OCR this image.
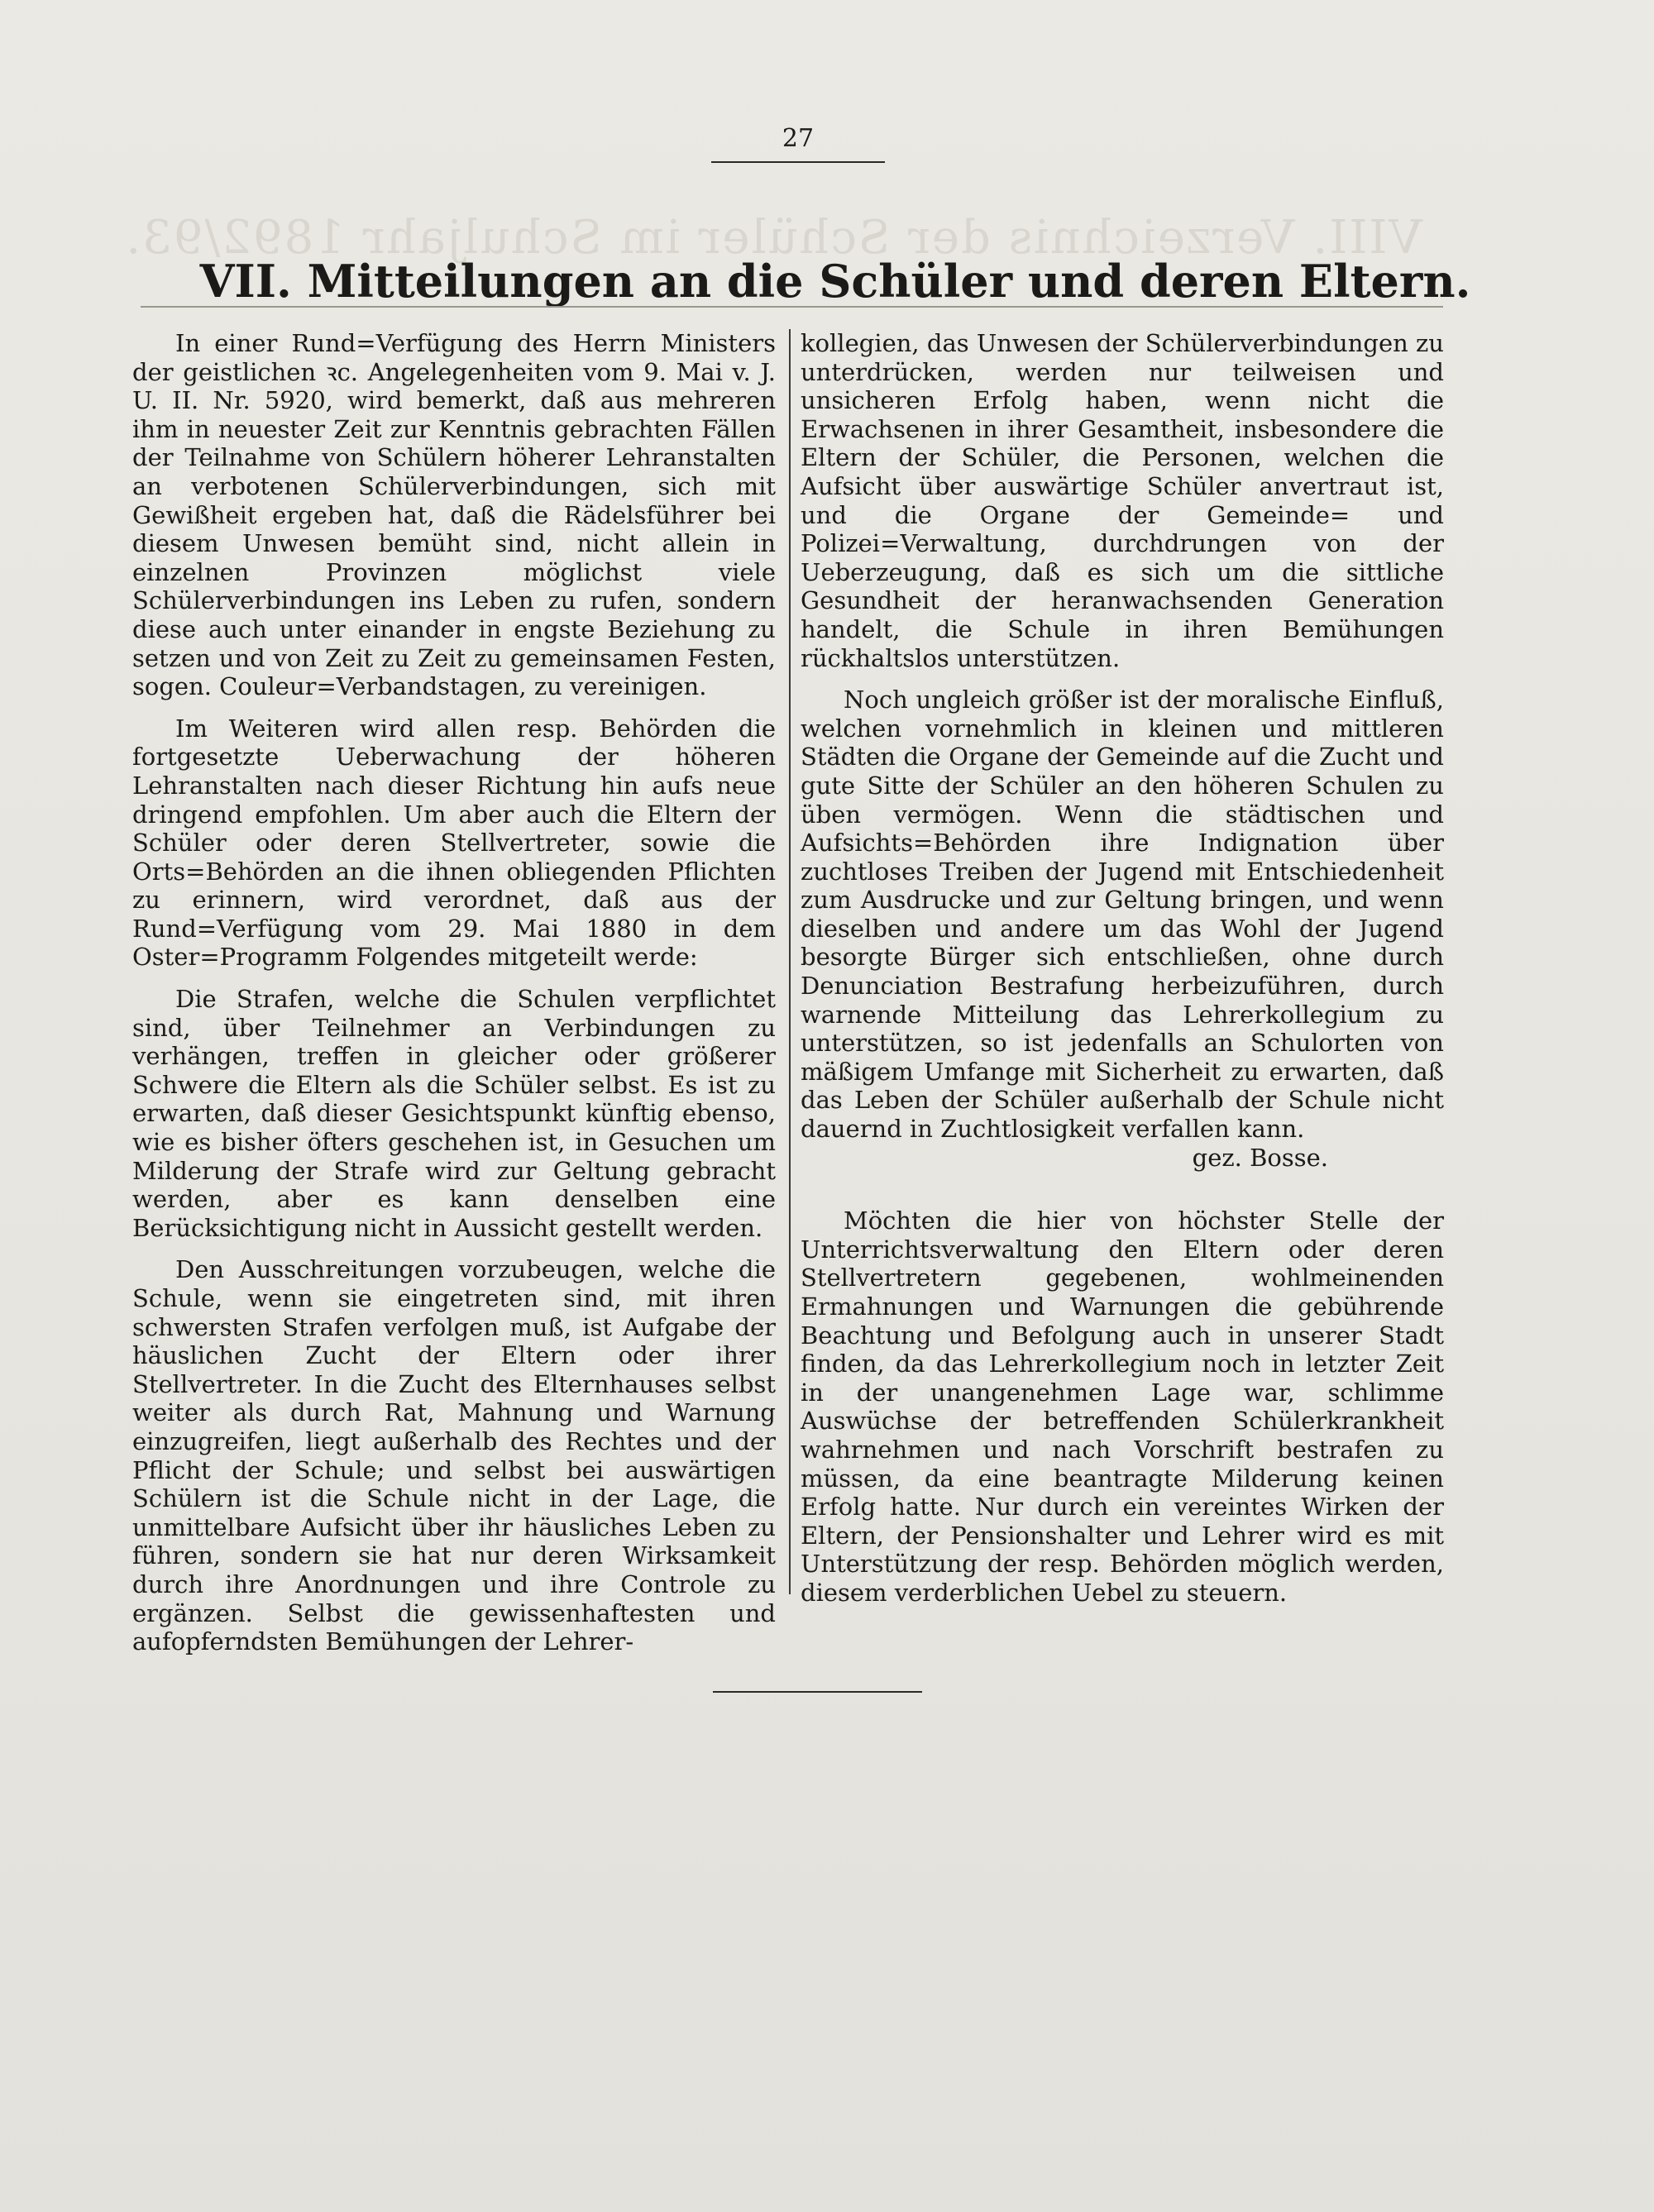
VIII. Verzeichnis der Schüler im Schuljahr 1892/93.
27
VII. Mitteilungen an die Schüler und deren Eltern.

In einer Rund=Verfügung des Herrn Ministers der geistlichen ꝛc. Angelegenheiten vom 9. Mai v. J. U. II. Nr. 5920, wird bemerkt, daß aus mehreren ihm in neuester Zeit zur Kenntnis gebrachten Fällen der Teilnahme von Schülern höherer Lehranstalten an verbotenen Schülerverbindungen, sich mit Gewißheit ergeben hat, daß die Rädelsführer bei diesem Unwesen bemüht sind, nicht allein in einzelnen Provinzen möglichst viele Schülerverbindungen ins Leben zu rufen, sondern diese auch unter einander in engste Beziehung zu setzen und von Zeit zu Zeit zu gemeinsamen Festen, sogen. Couleur=Verbandstagen, zu vereinigen.

Im Weiteren wird allen resp. Behörden die fortgesetzte Ueberwachung der höheren Lehranstalten nach dieser Richtung hin aufs neue dringend empfohlen. Um aber auch die Eltern der Schüler oder deren Stellvertreter, sowie die Orts=Behörden an die ihnen obliegenden Pflichten zu erinnern, wird verordnet, daß aus der Rund=Verfügung vom 29. Mai 1880 in dem Oster=Programm Folgendes mitgeteilt werde:

Die Strafen, welche die Schulen verpflichtet sind, über Teilnehmer an Verbindungen zu verhängen, treffen in gleicher oder größerer Schwere die Eltern als die Schüler selbst. Es ist zu erwarten, daß dieser Gesichtspunkt künftig ebenso, wie es bisher öfters geschehen ist, in Gesuchen um Milderung der Strafe wird zur Geltung gebracht werden, aber es kann denselben eine Berücksichtigung nicht in Aussicht gestellt werden.

Den Ausschreitungen vorzubeugen, welche die Schule, wenn sie eingetreten sind, mit ihren schwersten Strafen verfolgen muß, ist Aufgabe der häuslichen Zucht der Eltern oder ihrer Stellvertreter. In die Zucht des Elternhauses selbst weiter als durch Rat, Mahnung und Warnung einzugreifen, liegt außerhalb des Rechtes und der Pflicht der Schule; und selbst bei auswärtigen Schülern ist die Schule nicht in der Lage, die unmittelbare Aufsicht über ihr häusliches Leben zu führen, sondern sie hat nur deren Wirksamkeit durch ihre Anordnungen und ihre Controle zu ergänzen. Selbst die gewissenhaftesten und aufopferndsten Bemühungen der Lehrer-

kollegien, das Unwesen der Schülerverbindungen zu unterdrücken, werden nur teilweisen und unsicheren Erfolg haben, wenn nicht die Erwachsenen in ihrer Gesamtheit, insbesondere die Eltern der Schüler, die Personen, welchen die Aufsicht über auswärtige Schüler anvertraut ist, und die Organe der Gemeinde= und Polizei=Verwaltung, durchdrungen von der Ueberzeugung, daß es sich um die sittliche Gesundheit der heranwachsenden Generation handelt, die Schule in ihren Bemühungen rückhaltslos unterstützen.

Noch ungleich größer ist der moralische Einfluß, welchen vornehmlich in kleinen und mittleren Städten die Organe der Gemeinde auf die Zucht und gute Sitte der Schüler an den höheren Schulen zu üben vermögen. Wenn die städtischen und Aufsichts=Behörden ihre Indignation über zuchtloses Treiben der Jugend mit Entschiedenheit zum Ausdrucke und zur Geltung bringen, und wenn dieselben und andere um das Wohl der Jugend besorgte Bürger sich entschließen, ohne durch Denunciation Bestrafung herbeizuführen, durch warnende Mitteilung das Lehrerkollegium zu unterstützen, so ist jedenfalls an Schulorten von mäßigem Umfange mit Sicherheit zu erwarten, daß das Leben der Schüler außerhalb der Schule nicht dauernd in Zuchtlosigkeit verfallen kann.

gez. Bosse.

Möchten die hier von höchster Stelle der Unterrichtsverwaltung den Eltern oder deren Stellvertretern gegebenen, wohlmeinenden Ermahnungen und Warnungen die gebührende Beachtung und Befolgung auch in unserer Stadt finden, da das Lehrerkollegium noch in letzter Zeit in der unangenehmen Lage war, schlimme Auswüchse der betreffenden Schülerkrankheit wahrnehmen und nach Vorschrift bestrafen zu müssen, da eine beantragte Milderung keinen Erfolg hatte. Nur durch ein vereintes Wirken der Eltern, der Pensionshalter und Lehrer wird es mit Unterstützung der resp. Behörden möglich werden, diesem verderblichen Uebel zu steuern.
